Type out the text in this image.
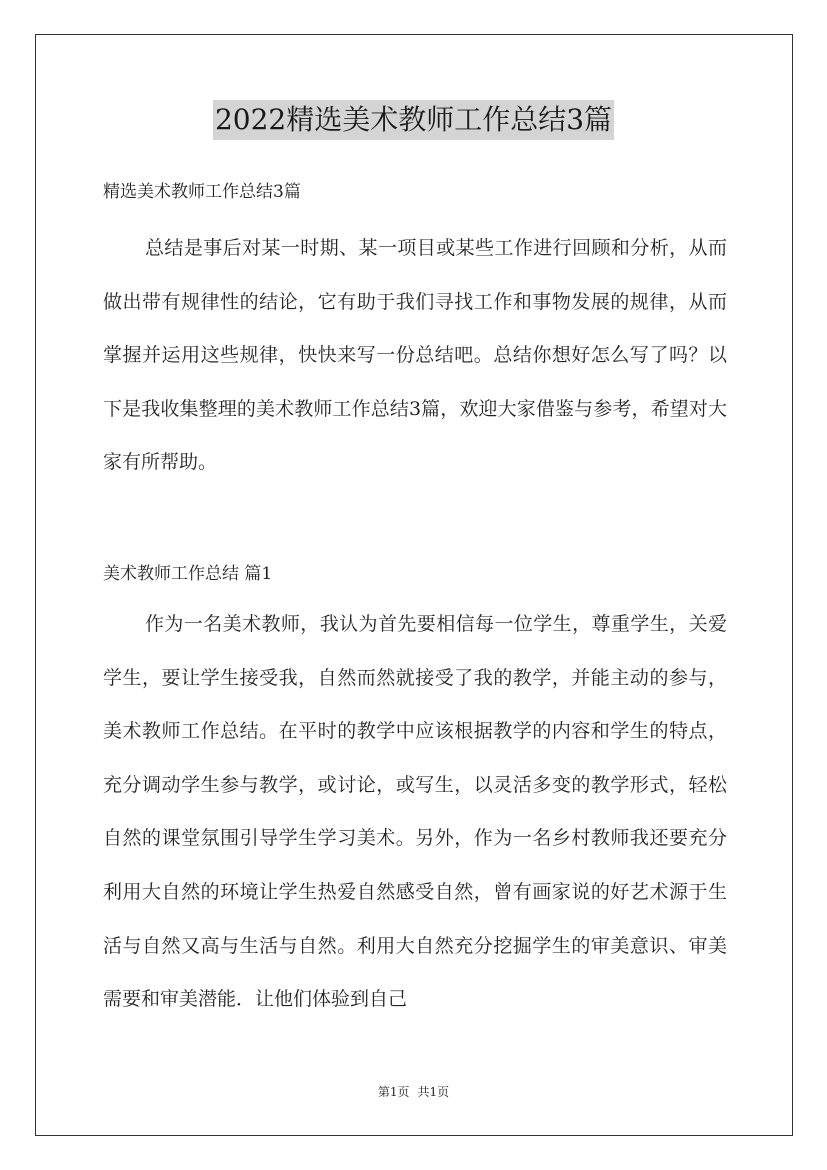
2022精选美术教师工作总结3篇
精选美术教师工作总结3篇
总结是事后对某一时期、某一项目或某些工作进行回顾和分析，从而做出带有规律性的结论，它有助于我们寻找工作和事物发展的规律，从而掌握并运用这些规律，快快来写一份总结吧。总结你想好怎么写了吗？以下是我收集整理的美术教师工作总结3篇，欢迎大家借鉴与参考，希望对大家有所帮助。
美术教师工作总结 篇1
作为一名美术教师，我认为首先要相信每一位学生，尊重学生，关爱学生，要让学生接受我，自然而然就接受了我的教学，并能主动的参与，美术教师工作总结。在平时的教学中应该根据教学的内容和学生的特点，充分调动学生参与教学，或讨论，或写生，以灵活多变的教学形式，轻松自然的课堂氛围引导学生学习美术。另外，作为一名乡村教师我还要充分利用大自然的环境让学生热爱自然感受自然，曾有画家说的好艺术源于生活与自然又高与生活与自然。利用大自然充分挖掘学生的审美意识、审美需要和审美潜能．让他们体验到自己
第1页 共1页
